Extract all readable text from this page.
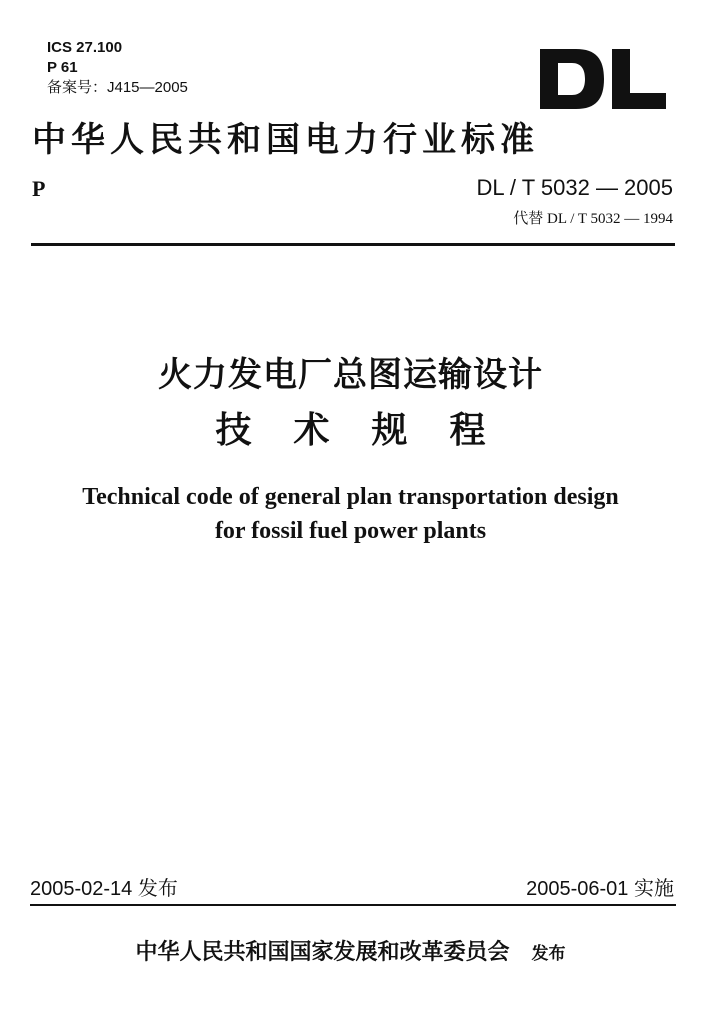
ICS 27.100
P 61
备案号：J415—2005
中华人民共和国电力行业标准
P	DL / T 5032 — 2005
代替 DL / T 5032 — 1994
火力发电厂总图运输设计
技术规程
Technical code of general plan transportation design
for fossil fuel power plants
2005-02-14 发布	2005-06-01 实施
中华人民共和国国家发展和改革委员会 发布
